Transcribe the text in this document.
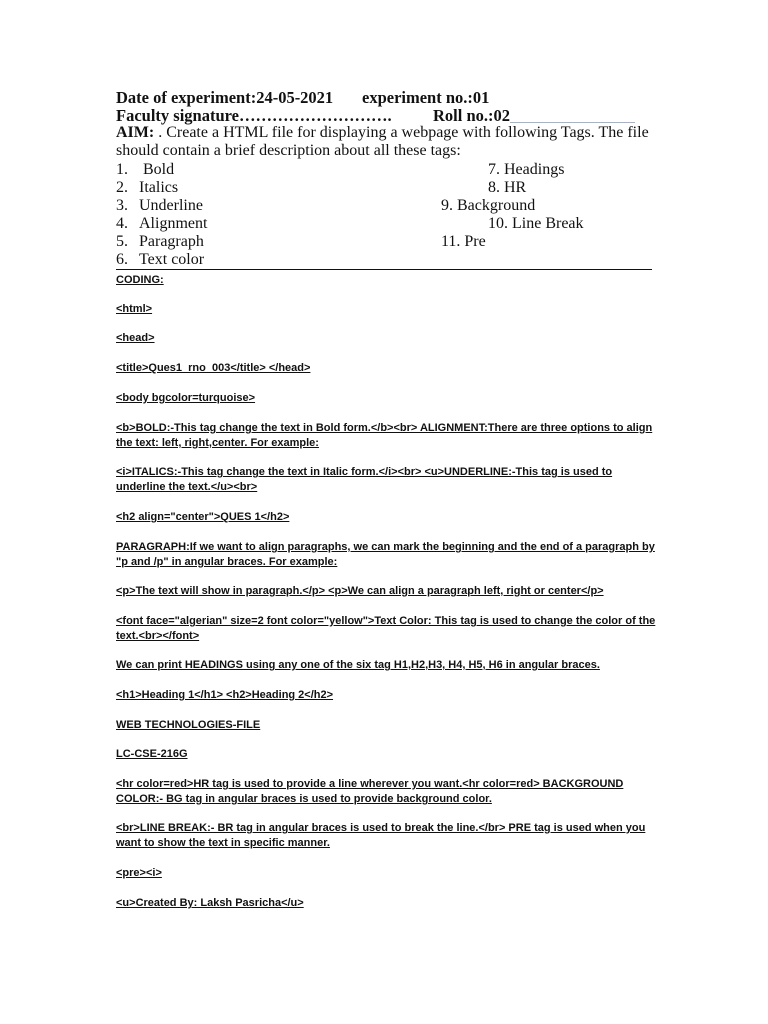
Date of experiment:24-05-2021 experiment no.:01
Faculty signature……………………….	Roll no.:02
AIM: . Create a HTML file for displaying a webpage with following Tags. The file should contain a brief description about all these tags:
1. Bold
2. Italics
3. Underline
4. Alignment
5. Paragraph
6. Text color
7. Headings
8. HR
9. Background
10. Line Break
11. Pre
CODING:
<html>
<head>
<title>Ques1_rno_003</title> </head>
<body bgcolor=turquoise>
<b>BOLD:-This tag change the text in Bold form.</b><br> ALIGNMENT:There are three options to align the text: left, right,center. For example:
<i>ITALICS:-This tag change the text in Italic form.</i><br> <u>UNDERLINE:-This tag is used to underline the text.</u><br>
<h2 align="center">QUES 1</h2>
PARAGRAPH:If we want to align paragraphs, we can mark the beginning and the end of a paragraph by "p and /p" in angular braces. For example:
<p>The text will show in paragraph.</p> <p>We can align a paragraph left, right or center</p>
<font face="algerian" size=2 font color="yellow">Text Color: This tag is used to change the color of the text.<br></font>
We can print HEADINGS using any one of the six tag H1,H2,H3, H4, H5, H6 in angular braces.
<h1>Heading 1</h1> <h2>Heading 2</h2>
WEB TECHNOLOGIES-FILE
LC-CSE-216G
<hr color=red>HR tag is used to provide a line wherever you want.<hr color=red> BACKGROUND COLOR:- BG tag in angular braces is used to provide background color.
<br>LINE BREAK:- BR tag in angular braces is used to break the line.</br> PRE tag is used when you want to show the text in specific manner.
<pre><i>
<u>Created By: Laksh Pasricha</u>
